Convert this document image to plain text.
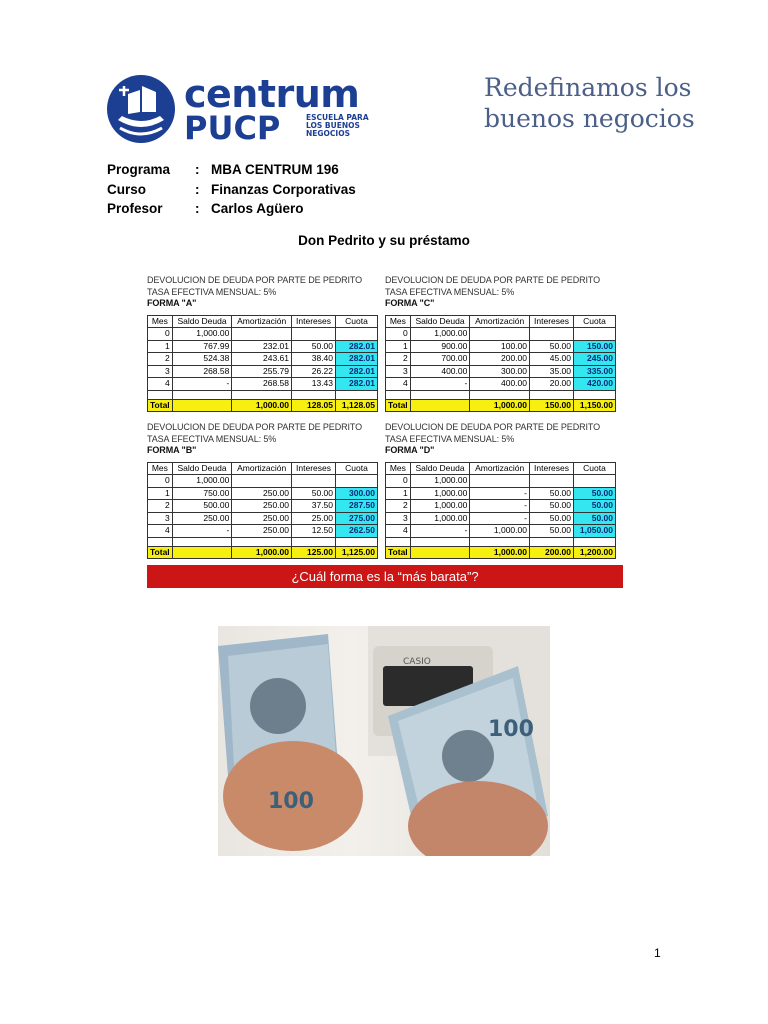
centrum
PUCP	ESCUELA PARA LOS BUENOS NEGOCIOS
Redefinamos los
buenos negocios
Programa	: MBA CENTRUM 196
Curso	: Finanzas Corporativas
Profesor	: Carlos Agüero
Don Pedrito y su préstamo
DEVOLUCION DE DEUDA POR PARTE DE PEDRITO
TASA EFECTIVA MENSUAL: 5%
FORMA "A"
Mes	Saldo Deuda	Amortización	Intereses	Cuota
0	1,000.00			
1	767.99	232.01	50.00	282.01
2	524.38	243.61	38.40	282.01
3	268.58	255.79	26.22	282.01
4	-	268.58	13.43	282.01

Total		1,000.00	128.05	1,128.05
DEVOLUCION DE DEUDA POR PARTE DE PEDRITO
TASA EFECTIVA MENSUAL: 5%
FORMA "C"
Mes	Saldo Deuda	Amortización	Intereses	Cuota
0	1,000.00			
1	900.00	100.00	50.00	150.00
2	700.00	200.00	45.00	245.00
3	400.00	300.00	35.00	335.00
4	-	400.00	20.00	420.00

Total		1,000.00	150.00	1,150.00
DEVOLUCION DE DEUDA POR PARTE DE PEDRITO
TASA EFECTIVA MENSUAL: 5%
FORMA "B"
Mes	Saldo Deuda	Amortización	Intereses	Cuota
0	1,000.00			
1	750.00	250.00	50.00	300.00
2	500.00	250.00	37.50	287.50
3	250.00	250.00	25.00	275.00
4	-	250.00	12.50	262.50

Total		1,000.00	125.00	1,125.00
DEVOLUCION DE DEUDA POR PARTE DE PEDRITO
TASA EFECTIVA MENSUAL: 5%
FORMA "D"
Mes	Saldo Deuda	Amortización	Intereses	Cuota
0	1,000.00			
1	1,000.00	-	50.00	50.00
2	1,000.00	-	50.00	50.00
3	1,000.00	-	50.00	50.00
4	-	1,000.00	50.00	1,050.00

Total		1,000.00	200.00	1,200.00
¿Cuál forma es la “más barata”?
CASIO
100
100
1
